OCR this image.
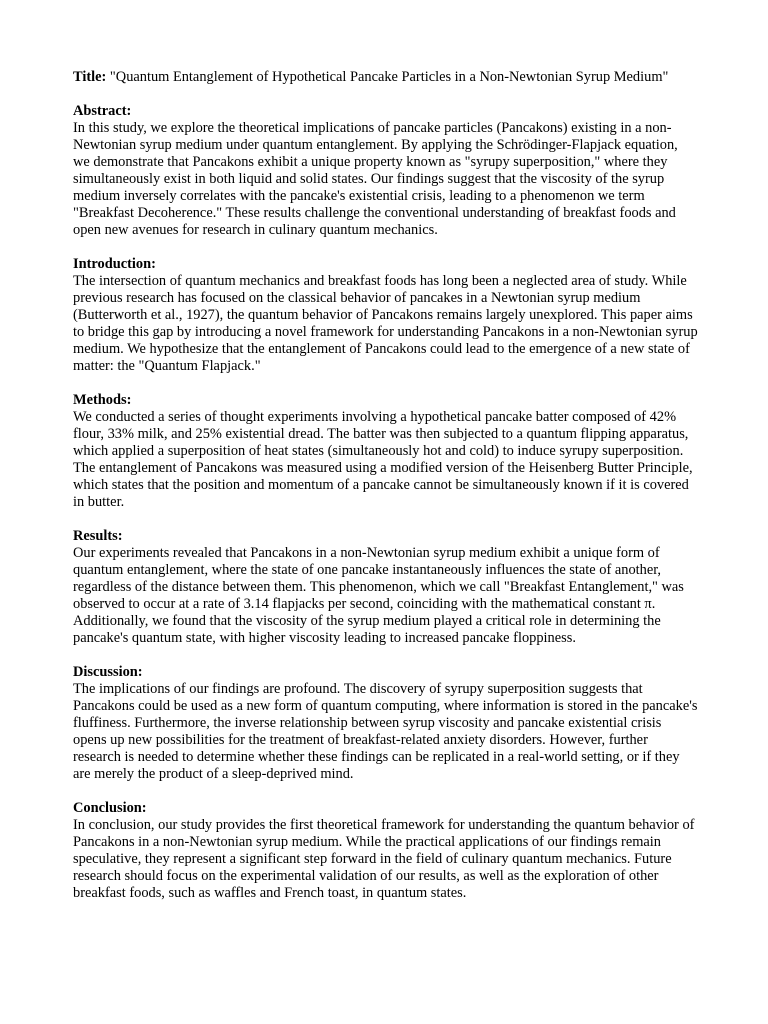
Title: "Quantum Entanglement of Hypothetical Pancake Particles in a Non-Newtonian Syrup Medium"
Abstract:

In this study, we explore the theoretical implications of pancake particles (Pancakons) existing in a non-Newtonian syrup medium under quantum entanglement. By applying the Schrödinger-Flapjack equation, we demonstrate that Pancakons exhibit a unique property known as "syrupy superposition," where they simultaneously exist in both liquid and solid states. Our findings suggest that the viscosity of the syrup medium inversely correlates with the pancake's existential crisis, leading to a phenomenon we term "Breakfast Decoherence." These results challenge the conventional understanding of breakfast foods and open new avenues for research in culinary quantum mechanics.

Introduction:

The intersection of quantum mechanics and breakfast foods has long been a neglected area of study. While previous research has focused on the classical behavior of pancakes in a Newtonian syrup medium (Butterworth et al., 1927), the quantum behavior of Pancakons remains largely unexplored. This paper aims to bridge this gap by introducing a novel framework for understanding Pancakons in a non-Newtonian syrup medium. We hypothesize that the entanglement of Pancakons could lead to the emergence of a new state of matter: the "Quantum Flapjack."

Methods:

We conducted a series of thought experiments involving a hypothetical pancake batter composed of 42% flour, 33% milk, and 25% existential dread. The batter was then subjected to a quantum flipping apparatus, which applied a superposition of heat states (simultaneously hot and cold) to induce syrupy superposition. The entanglement of Pancakons was measured using a modified version of the Heisenberg Butter Principle, which states that the position and momentum of a pancake cannot be simultaneously known if it is covered in butter.

Results:

Our experiments revealed that Pancakons in a non-Newtonian syrup medium exhibit a unique form of quantum entanglement, where the state of one pancake instantaneously influences the state of another, regardless of the distance between them. This phenomenon, which we call "Breakfast Entanglement," was observed to occur at a rate of 3.14 flapjacks per second, coinciding with the mathematical constant π. Additionally, we found that the viscosity of the syrup medium played a critical role in determining the pancake's quantum state, with higher viscosity leading to increased pancake floppiness.

Discussion:

The implications of our findings are profound. The discovery of syrupy superposition suggests that Pancakons could be used as a new form of quantum computing, where information is stored in the pancake's fluffiness. Furthermore, the inverse relationship between syrup viscosity and pancake existential crisis opens up new possibilities for the treatment of breakfast-related anxiety disorders. However, further research is needed to determine whether these findings can be replicated in a real-world setting, or if they are merely the product of a sleep-deprived mind.

Conclusion:

In conclusion, our study provides the first theoretical framework for understanding the quantum behavior of Pancakons in a non-Newtonian syrup medium. While the practical applications of our findings remain speculative, they represent a significant step forward in the field of culinary quantum mechanics. Future research should focus on the experimental validation of our results, as well as the exploration of other breakfast foods, such as waffles and French toast, in quantum states.
